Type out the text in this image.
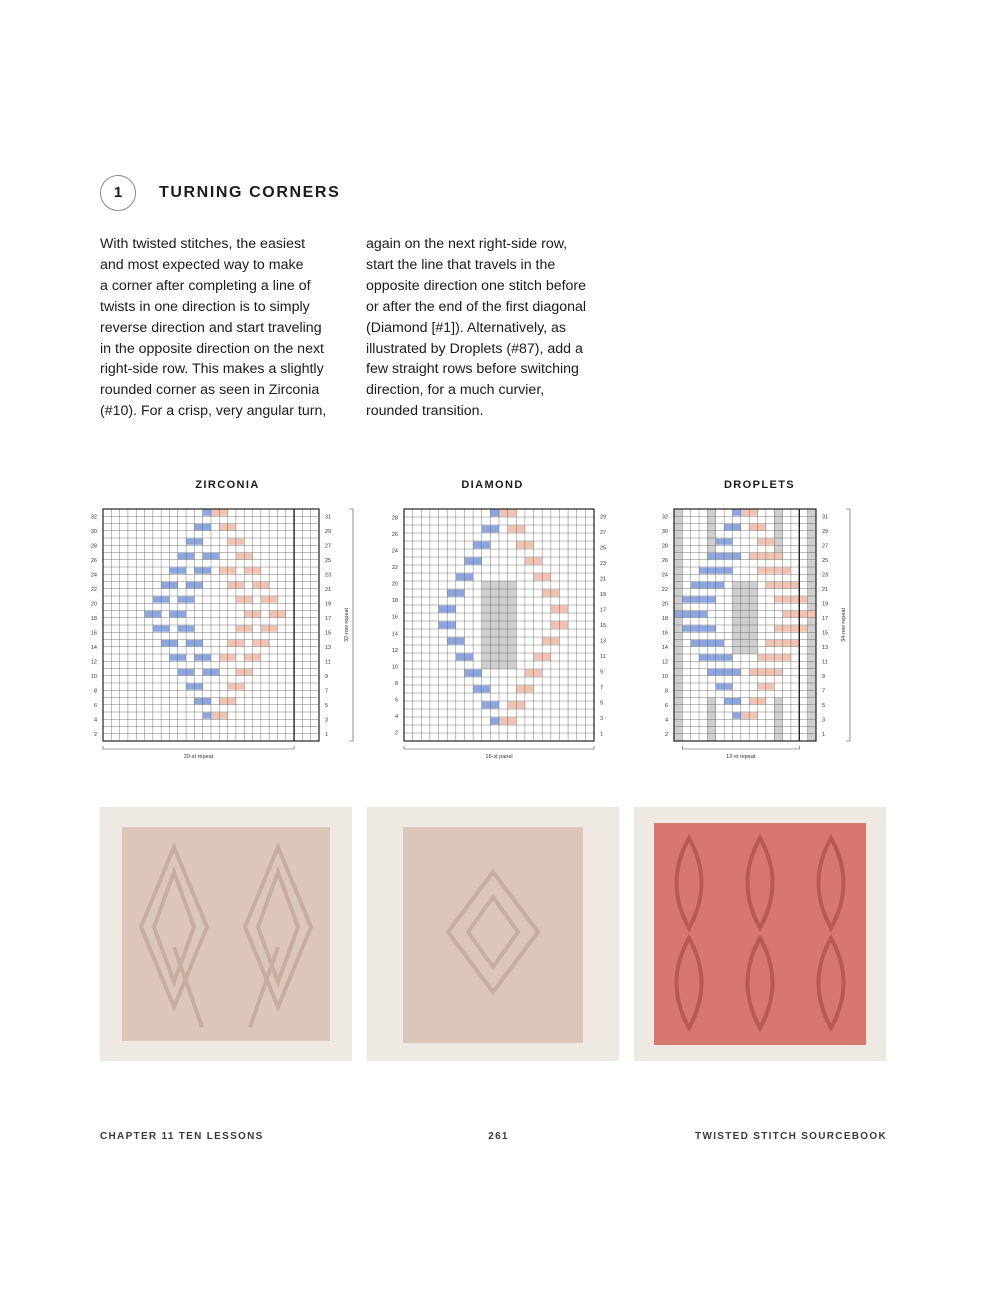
1	TURNING CORNERS
With twisted stitches, the easiest
and most expected way to make
a corner after completing a line of
twists in one direction is to simply
reverse direction and start traveling
in the opposite direction on the next
right-side row. This makes a slightly
rounded corner as seen in Zirconia
(#10). For a crisp, very angular turn,
again on the next right-side row,
start the line that travels in the
opposite direction one stitch before
or after the end of the first diagonal
(Diamond [#1]). Alternatively, as
illustrated by Droplets (#87), add a
few straight rows before switching
direction, for a much curvier,
rounded transition.
ZIRCONIA	DIAMOND	DROPLETS
32
30
28
26
24
22
20
18
16
14
12
10
8
6
4
2
31
29
27
25
23
21
19
17
15
13
11
9
7
5
3
1
20-st repeat
32-row repeat
28
26
24
22
20
18
16
14
12
10
8
6
4
2
29
27
25
23
21
19
17
15
13
11
9
7
5
3
1
16-st panel
32
30
28
26
24
22
20
18
16
14
12
10
8
6
4
2
31
29
27
25
23
21
19
17
15
13
11
9
7
5
3
1
12-st repeat
34-row repeat
CHAPTER 11 TEN LESSONS	261	TWISTED STITCH SOURCEBOOK
